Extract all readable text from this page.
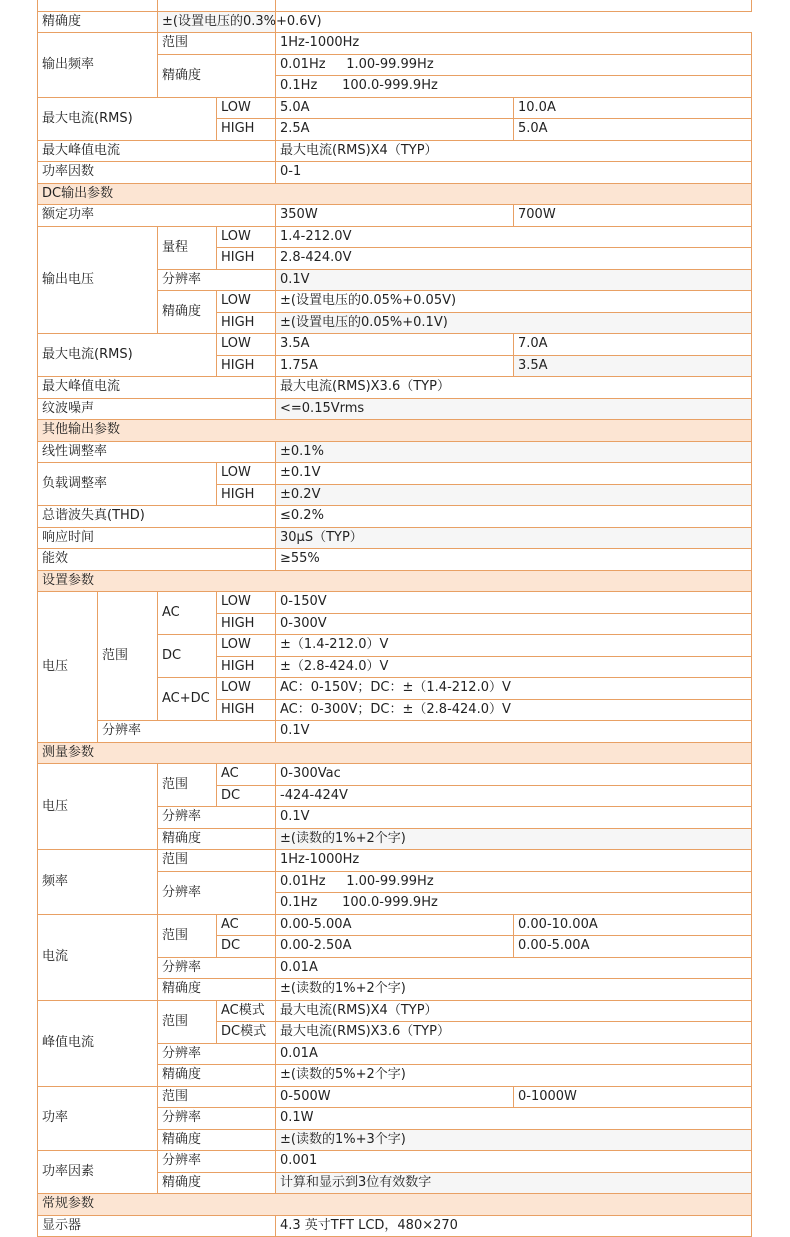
精确度		±(设置电压的0.3%+0.6V)			
输出频率		范围		1Hz-1000Hz	
		精确度		0.01Hz     1.00-99.99Hz	
				0.1Hz      100.0-999.9Hz	
最大电流(RMS)			LOW	5.0A	10.0A
			HIGH	2.5A	5.0A
最大峰值电流				最大电流(RMS)X4（TYP）	
功率因数				0-1	
DC输出参数					
额定功率				350W	700W
输出电压		量程	LOW	1.4-212.0V	
			HIGH	2.8-424.0V	
		分辨率		0.1V	
		精确度	LOW	±(设置电压的0.05%+0.05V)	
			HIGH	±(设置电压的0.05%+0.1V)	
最大电流(RMS)			LOW	3.5A	7.0A
			HIGH	1.75A	3.5A
最大峰值电流				最大电流(RMS)X3.6（TYP）	
纹波噪声				<=0.15Vrms	
其他输出参数					
线性调整率				±0.1%	
负载调整率			LOW	±0.1V	
			HIGH	±0.2V	
总谐波失真(THD)				≤0.2%	
响应时间				30μS（TYP）	
能效				≥55%	
设置参数					
电压	范围	AC	LOW	0-150V	
			HIGH	0-300V	
		DC	LOW	±（1.4-212.0）V	
			HIGH	±（2.8-424.0）V	
		AC+DC	LOW	AC：0-150V；DC：±（1.4-212.0）V	
			HIGH	AC：0-300V；DC：±（2.8-424.0）V	
	分辨率			0.1V	
测量参数					
电压		范围	AC	0-300Vac	
			DC	-424-424V	
		分辨率		0.1V	
		精确度		±(读数的1%+2个字)	
频率		范围		1Hz-1000Hz	
		分辨率		0.01Hz     1.00-99.99Hz	
				0.1Hz      100.0-999.9Hz	
电流		范围	AC	0.00-5.00A	0.00-10.00A
			DC	0.00-2.50A	0.00-5.00A
		分辨率		0.01A	
		精确度		±(读数的1%+2个字)	
峰值电流		范围	AC模式	最大电流(RMS)X4（TYP）	
			DC模式	最大电流(RMS)X3.6（TYP）	
		分辨率		0.01A	
		精确度		±(读数的5%+2个字)	
功率		范围		0-500W	0-1000W
		分辨率		0.1W	
		精确度		±(读数的1%+3个字)	
功率因素		分辨率		0.001	
		精确度		计算和显示到3位有效数字	
常规参数					
显示器				4.3 英寸TFT LCD，480×270	
